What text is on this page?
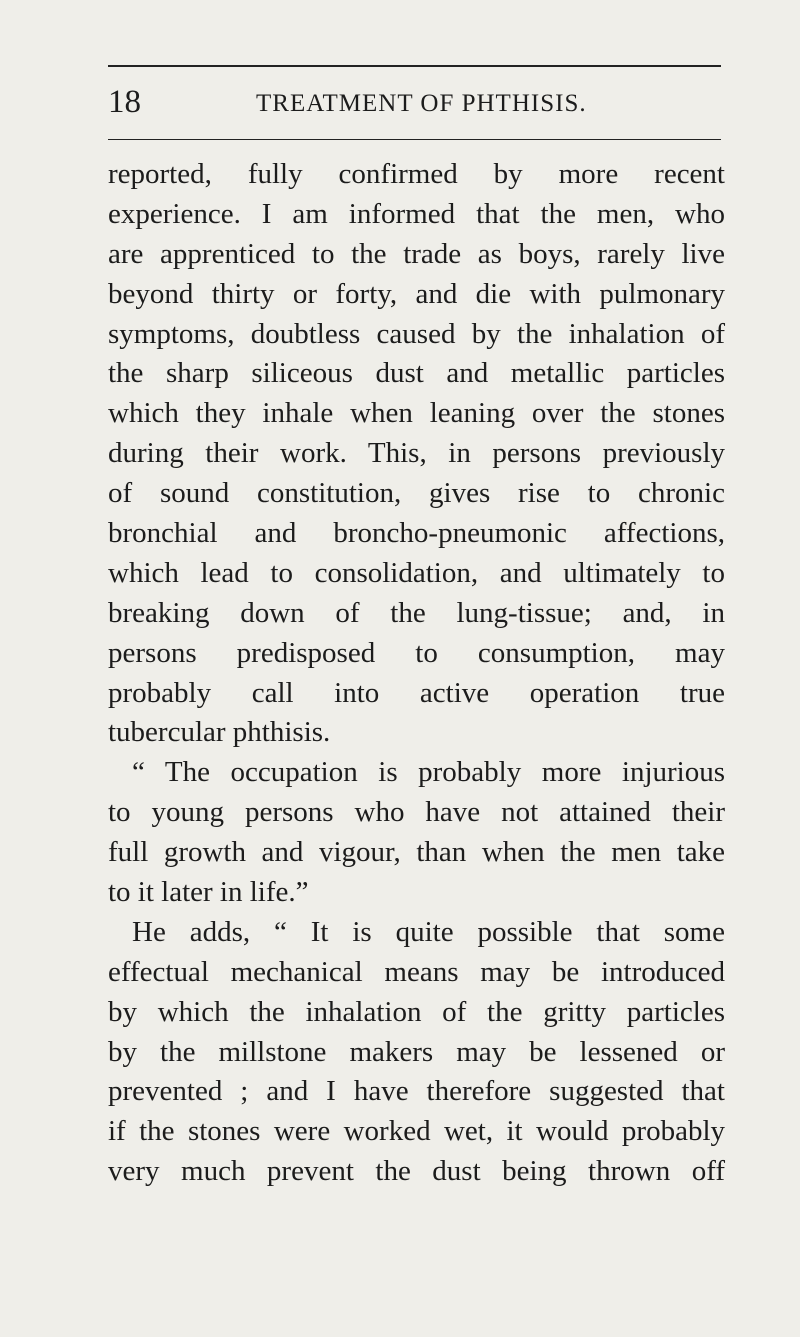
18	TREATMENT OF PHTHISIS.
reported, fully confirmed by more recent
experience. I am informed that the men, who
are apprenticed to the trade as boys, rarely live
beyond thirty or forty, and die with pulmonary
symptoms, doubtless caused by the inhalation of
the sharp siliceous dust and metallic particles
which they inhale when leaning over the stones
during their work. This, in persons previously
of sound constitution, gives rise to chronic
bronchial and broncho-pneumonic affections,
which lead to consolidation, and ultimately to
breaking down of the lung-tissue; and, in
persons predisposed to consumption, may
probably call into active operation true
tubercular phthisis.
“ The occupation is probably more injurious
to young persons who have not attained their
full growth and vigour, than when the men take
to it later in life.”
He adds, “ It is quite possible that some
effectual mechanical means may be introduced
by which the inhalation of the gritty particles
by the millstone makers may be lessened or
prevented ; and I have therefore suggested that
if the stones were worked wet, it would probably
very much prevent the dust being thrown off
